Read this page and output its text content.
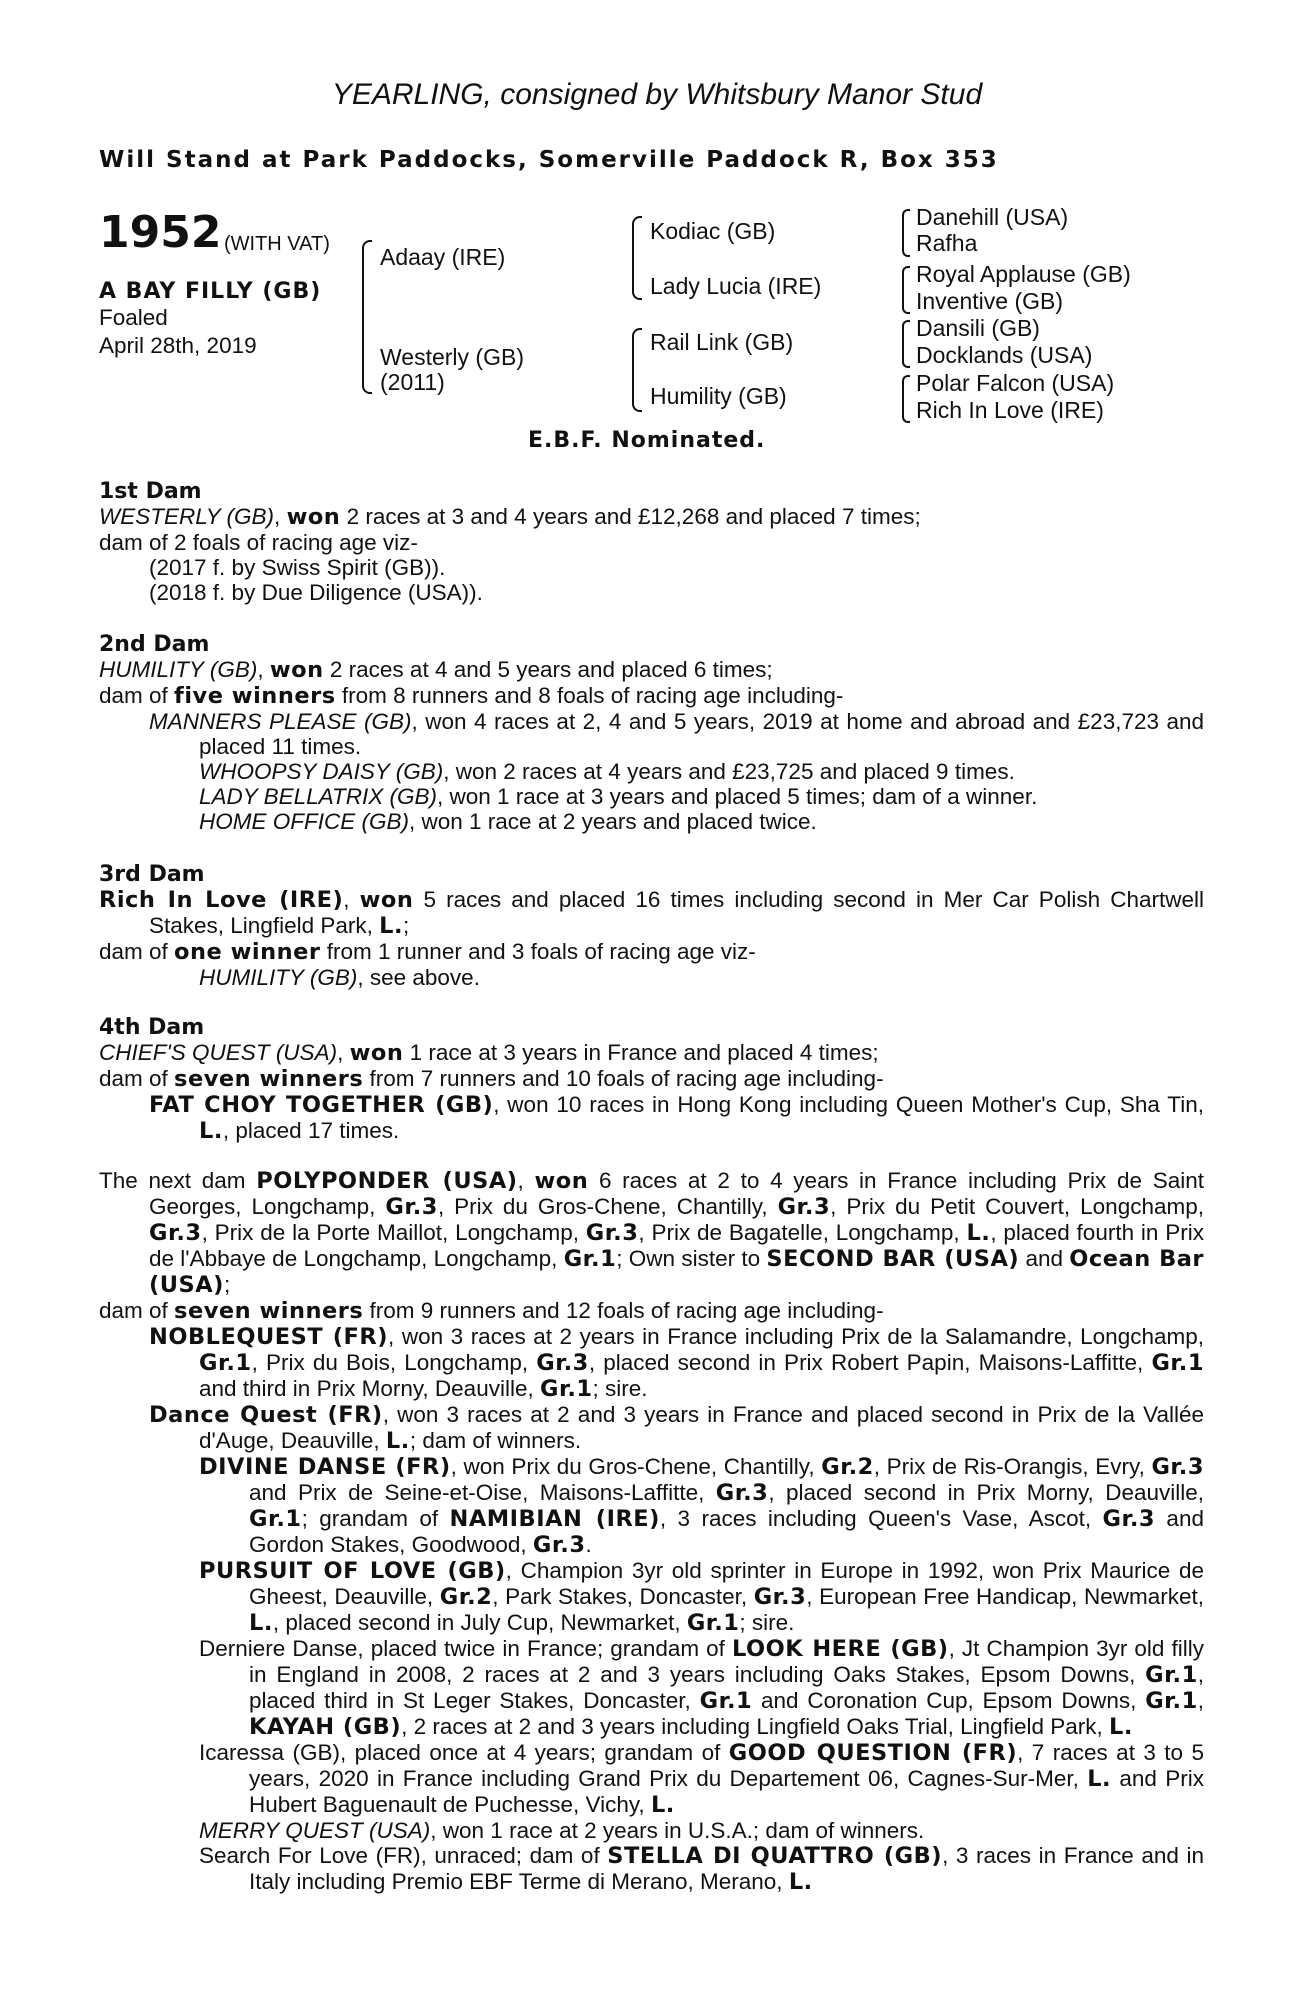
YEARLING, consigned by Whitsbury Manor Stud
Will Stand at Park Paddocks, Somerville Paddock R, Box 353
1952 (WITH VAT)
A BAY FILLY (GB)
Foaled
April 28th, 2019
Adaay (IRE)
Westerly (GB)
(2011)
Kodiac (GB)
Lady Lucia (IRE)
Rail Link (GB)
Humility (GB)
Danehill (USA)
Rafha
Royal Applause (GB)
Inventive (GB)
Dansili (GB)
Docklands (USA)
Polar Falcon (USA)
Rich In Love (IRE)
E.B.F. Nominated.
1st Dam
WESTERLY (GB), won 2 races at 3 and 4 years and £12,268 and placed 7 times;
dam of 2 foals of racing age viz-
(2017 f. by Swiss Spirit (GB)).
(2018 f. by Due Diligence (USA)).
2nd Dam
HUMILITY (GB), won 2 races at 4 and 5 years and placed 6 times;
dam of five winners from 8 runners and 8 foals of racing age including-
MANNERS PLEASE (GB), won 4 races at 2, 4 and 5 years, 2019 at home and abroad and £23,723 and placed 11 times.
WHOOPSY DAISY (GB), won 2 races at 4 years and £23,725 and placed 9 times.
LADY BELLATRIX (GB), won 1 race at 3 years and placed 5 times; dam of a winner.
HOME OFFICE (GB), won 1 race at 2 years and placed twice.
3rd Dam
Rich In Love (IRE), won 5 races and placed 16 times including second in Mer Car Polish Chartwell Stakes, Lingfield Park, L.;
dam of one winner from 1 runner and 3 foals of racing age viz-
HUMILITY (GB), see above.
4th Dam
CHIEF'S QUEST (USA), won 1 race at 3 years in France and placed 4 times;
dam of seven winners from 7 runners and 10 foals of racing age including-
FAT CHOY TOGETHER (GB), won 10 races in Hong Kong including Queen Mother's Cup, Sha Tin, L., placed 17 times.
The next dam POLYPONDER (USA), won 6 races at 2 to 4 years in France including Prix de Saint Georges, Longchamp, Gr.3, Prix du Gros-Chene, Chantilly, Gr.3, Prix du Petit Couvert, Longchamp, Gr.3, Prix de la Porte Maillot, Longchamp, Gr.3, Prix de Bagatelle, Longchamp, L., placed fourth in Prix de l'Abbaye de Longchamp, Longchamp, Gr.1; Own sister to SECOND BAR (USA) and Ocean Bar (USA);
dam of seven winners from 9 runners and 12 foals of racing age including-
NOBLEQUEST (FR), won 3 races at 2 years in France including Prix de la Salamandre, Longchamp, Gr.1, Prix du Bois, Longchamp, Gr.3, placed second in Prix Robert Papin, Maisons-Laffitte, Gr.1 and third in Prix Morny, Deauville, Gr.1; sire.
Dance Quest (FR), won 3 races at 2 and 3 years in France and placed second in Prix de la Vallée d'Auge, Deauville, L.; dam of winners.
DIVINE DANSE (FR), won Prix du Gros-Chene, Chantilly, Gr.2, Prix de Ris-Orangis, Evry, Gr.3 and Prix de Seine-et-Oise, Maisons-Laffitte, Gr.3, placed second in Prix Morny, Deauville, Gr.1; grandam of NAMIBIAN (IRE), 3 races including Queen's Vase, Ascot, Gr.3 and Gordon Stakes, Goodwood, Gr.3.
PURSUIT OF LOVE (GB), Champion 3yr old sprinter in Europe in 1992, won Prix Maurice de Gheest, Deauville, Gr.2, Park Stakes, Doncaster, Gr.3, European Free Handicap, Newmarket, L., placed second in July Cup, Newmarket, Gr.1; sire.
Derniere Danse, placed twice in France; grandam of LOOK HERE (GB), Jt Champion 3yr old filly in England in 2008, 2 races at 2 and 3 years including Oaks Stakes, Epsom Downs, Gr.1, placed third in St Leger Stakes, Doncaster, Gr.1 and Coronation Cup, Epsom Downs, Gr.1, KAYAH (GB), 2 races at 2 and 3 years including Lingfield Oaks Trial, Lingfield Park, L.
Icaressa (GB), placed once at 4 years; grandam of GOOD QUESTION (FR), 7 races at 3 to 5 years, 2020 in France including Grand Prix du Departement 06, Cagnes-Sur-Mer, L. and Prix Hubert Baguenault de Puchesse, Vichy, L.
MERRY QUEST (USA), won 1 race at 2 years in U.S.A.; dam of winners.
Search For Love (FR), unraced; dam of STELLA DI QUATTRO (GB), 3 races in France and in Italy including Premio EBF Terme di Merano, Merano, L.
